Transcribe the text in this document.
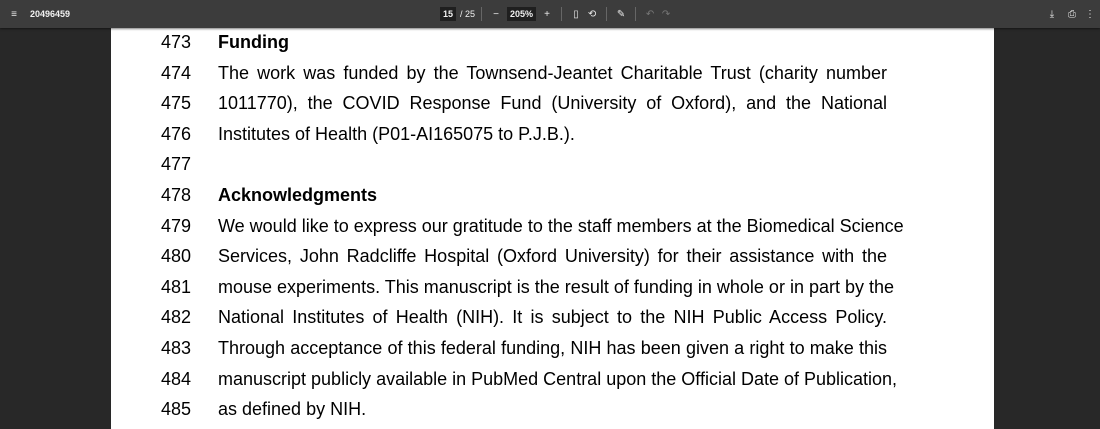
≡	20496459	15 / 25	−	205%	+	▯ ⟲	✎	↶ ↷	⤓	⎙ ⋮
473	Funding
474	The work was funded by the Townsend-Jeantet Charitable Trust (charity number
475	1011770), the COVID Response Fund (University of Oxford), and the National
476	Institutes of Health (P01-AI165075 to P.J.B.).
477
478	Acknowledgments
479	We would like to express our gratitude to the staff members at the Biomedical Science
480	Services, John Radcliffe Hospital (Oxford University) for their assistance with the
481	mouse experiments. This manuscript is the result of funding in whole or in part by the
482	National Institutes of Health (NIH). It is subject to the NIH Public Access Policy.
483	Through acceptance of this federal funding, NIH has been given a right to make this
484	manuscript publicly available in PubMed Central upon the Official Date of Publication,
485	as defined by NIH.
